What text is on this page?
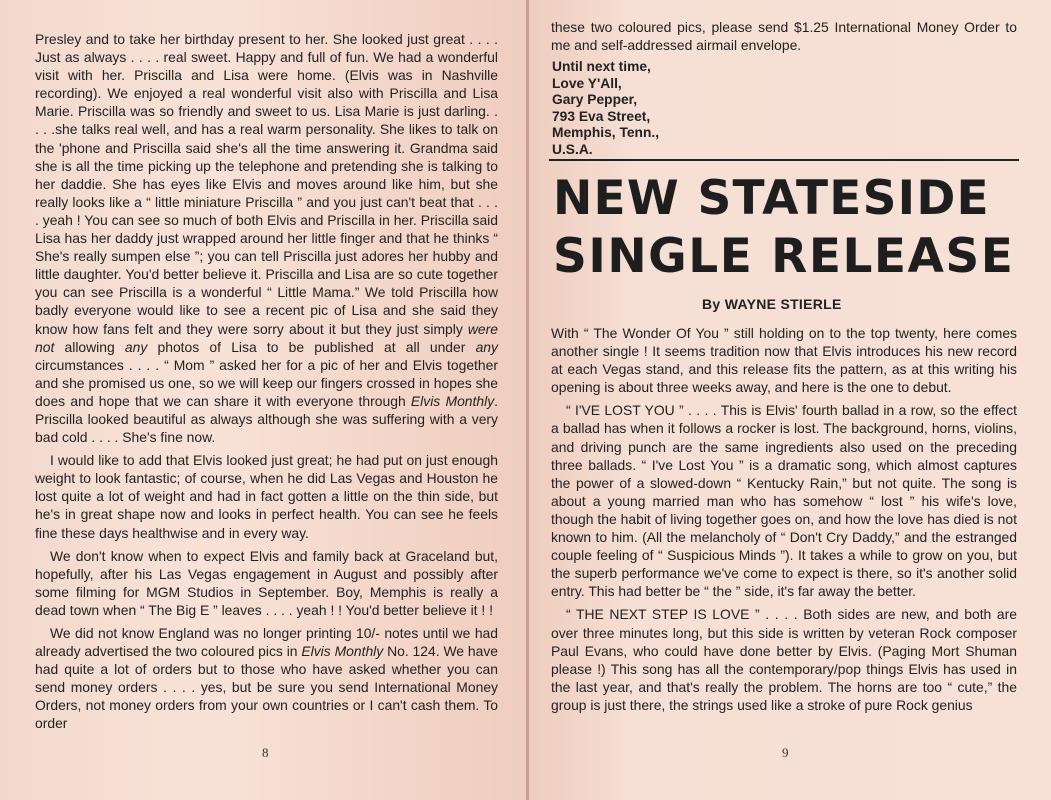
Presley and to take her birthday present to her. She looked just great . . . . Just as always . . . . real sweet. Happy and full of fun. We had a wonderful visit with her. Priscilla and Lisa were home. (Elvis was in Nashville recording). We enjoyed a real wonderful visit also with Priscilla and Lisa Marie. Priscilla was so friendly and sweet to us. Lisa Marie is just darling. . . . .she talks real well, and has a real warm personality. She likes to talk on the 'phone and Priscilla said she's all the time answering it. Grandma said she is all the time picking up the telephone and pretending she is talking to her daddie. She has eyes like Elvis and moves around like him, but she really looks like a “ little miniature Priscilla ” and you just can't beat that . . . . yeah ! You can see so much of both Elvis and Priscilla in her. Priscilla said Lisa has her daddy just wrapped around her little finger and that he thinks “ She's really sumpen else ”; you can tell Priscilla just adores her hubby and little daughter. You'd better believe it. Priscilla and Lisa are so cute together you can see Priscilla is a wonderful “ Little Mama.” We told Priscilla how badly everyone would like to see a recent pic of Lisa and she said they know how fans felt and they were sorry about it but they just simply were not allowing any photos of Lisa to be published at all under any circumstances . . . . “ Mom ” asked her for a pic of her and Elvis together and she promised us one, so we will keep our fingers crossed in hopes she does and hope that we can share it with everyone through Elvis Monthly. Priscilla looked beautiful as always although she was suffering with a very bad cold . . . . She's fine now.

I would like to add that Elvis looked just great; he had put on just enough weight to look fantastic; of course, when he did Las Vegas and Houston he lost quite a lot of weight and had in fact gotten a little on the thin side, but he's in great shape now and looks in perfect health. You can see he feels fine these days healthwise and in every way.

We don't know when to expect Elvis and family back at Graceland but, hopefully, after his Las Vegas engagement in August and possibly after some filming for MGM Studios in September. Boy, Memphis is really a dead town when “ The Big E ” leaves . . . . yeah ! ! You'd better believe it ! !

We did not know England was no longer printing 10/- notes until we had already advertised the two coloured pics in Elvis Monthly No. 124. We have had quite a lot of orders but to those who have asked whether you can send money orders . . . . yes, but be sure you send International Money Orders, not money orders from your own countries or I can't cash them. To order

8

these two coloured pics, please send $1.25 International Money Order to me and self-addressed airmail envelope.

Until next time,
Love Y'All,
Gary Pepper,
793 Eva Street,
Memphis, Tenn.,
U.S.A.
NEW STATESIDE
SINGLE RELEASE
By WAYNE STIERLE

With “ The Wonder Of You ” still holding on to the top twenty, here comes another single ! It seems tradition now that Elvis introduces his new record at each Vegas stand, and this release fits the pattern, as at this writing his opening is about three weeks away, and here is the one to debut.

“ I'VE LOST YOU ” . . . . This is Elvis' fourth ballad in a row, so the effect a ballad has when it follows a rocker is lost. The background, horns, violins, and driving punch are the same ingredients also used on the preceding three ballads. “ I've Lost You ” is a dramatic song, which almost captures the power of a slowed-down “ Kentucky Rain,” but not quite. The song is about a young married man who has somehow “ lost ” his wife's love, though the habit of living together goes on, and how the love has died is not known to him. (All the melancholy of “ Don't Cry Daddy,” and the estranged couple feeling of “ Suspicious Minds ”). It takes a while to grow on you, but the superb performance we've come to expect is there, so it's another solid entry. This had better be “ the ” side, it's far away the better.

“ THE NEXT STEP IS LOVE ” . . . . Both sides are new, and both are over three minutes long, but this side is written by veteran Rock composer Paul Evans, who could have done better by Elvis. (Paging Mort Shuman please !) This song has all the contemporary/pop things Elvis has used in the last year, and that's really the problem. The horns are too “ cute,” the group is just there, the strings used like a stroke of pure Rock genius

9
